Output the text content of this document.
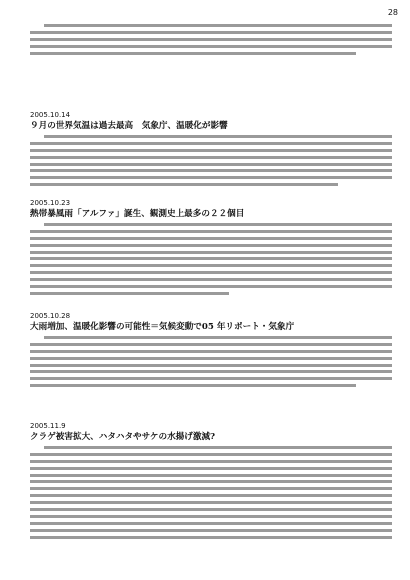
28
2005.10.14
９月の世界気温は過去最高　気象庁、温暖化が影響
2005.10.23
熱帯暴風雨「アルファ」誕生、観測史上最多の２２個目
2005.10.28
大雨増加、温暖化影響の可能性＝気候変動で05 年リポート・気象庁
2005.11.9
クラゲ被害拡大、ハタハタやサケの水揚げ激減?
